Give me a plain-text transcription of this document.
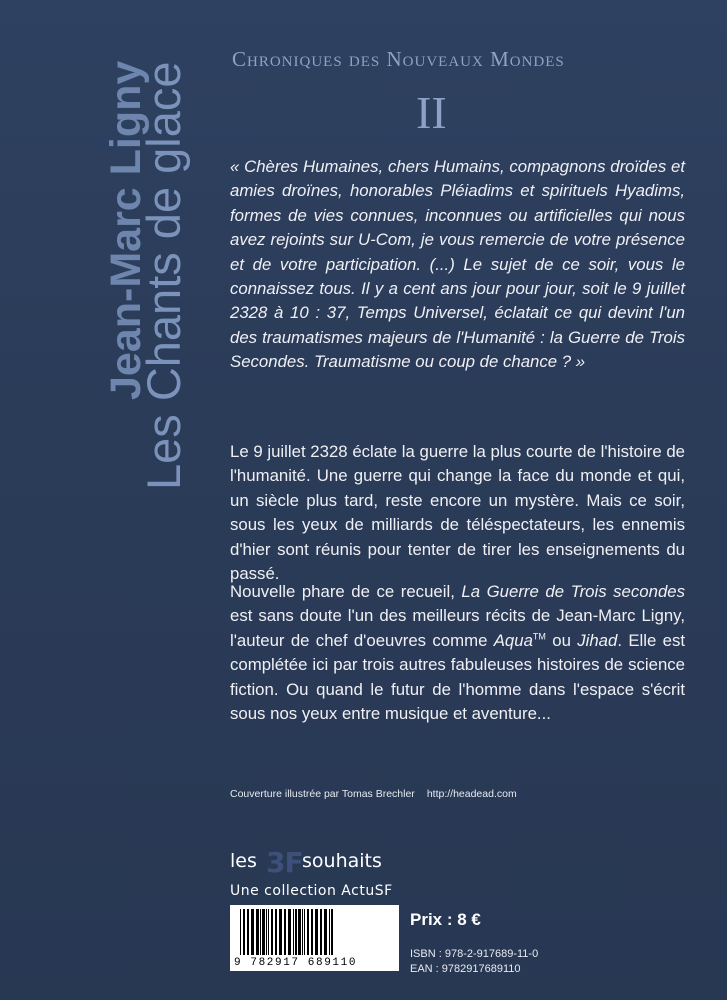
Jean-Marc Ligny
Les Chants de glace
Chroniques des Nouveaux Mondes
II

« Chères Humaines, chers Humains, compagnons droïdes et amies droïnes, honorables Pléiadims et spirituels Hyadims, formes de vies connues, inconnues ou artificielles qui nous avez rejoints sur U-Com, je vous remercie de votre présence et de votre participation. (...) Le sujet de ce soir, vous le connaissez tous. Il y a cent ans jour pour jour, soit le 9 juillet 2328 à 10 : 37, Temps Universel, éclatait ce qui devint l'un des traumatismes majeurs de l'Humanité : la Guerre de Trois Secondes. Traumatisme ou coup de chance ? »

Le 9 juillet 2328 éclate la guerre la plus courte de l'histoire de l'humanité. Une guerre qui change la face du monde et qui, un siècle plus tard, reste encore un mystère. Mais ce soir, sous les yeux de milliards de téléspectateurs, les ennemis d'hier sont réunis pour tenter de tirer les enseignements du passé.

Nouvelle phare de ce recueil, La Guerre de Trois secondes est sans doute l'un des meilleurs récits de Jean-Marc Ligny, l'auteur de chef d'oeuvres comme Aqua™ ou Jihad. Elle est complétée ici par trois autres fabuleuses histoires de science fiction. Ou quand le futur de l'homme dans l'espace s'écrit sous nos yeux entre musique et aventure...

Couverture illustrée par Tomas Brechler http://headead.com
les 3F souhaits
Une collection ActuSF
9 782917 689110
Prix : 8 €
ISBN : 978-2-917689-11-0
EAN : 9782917689110
